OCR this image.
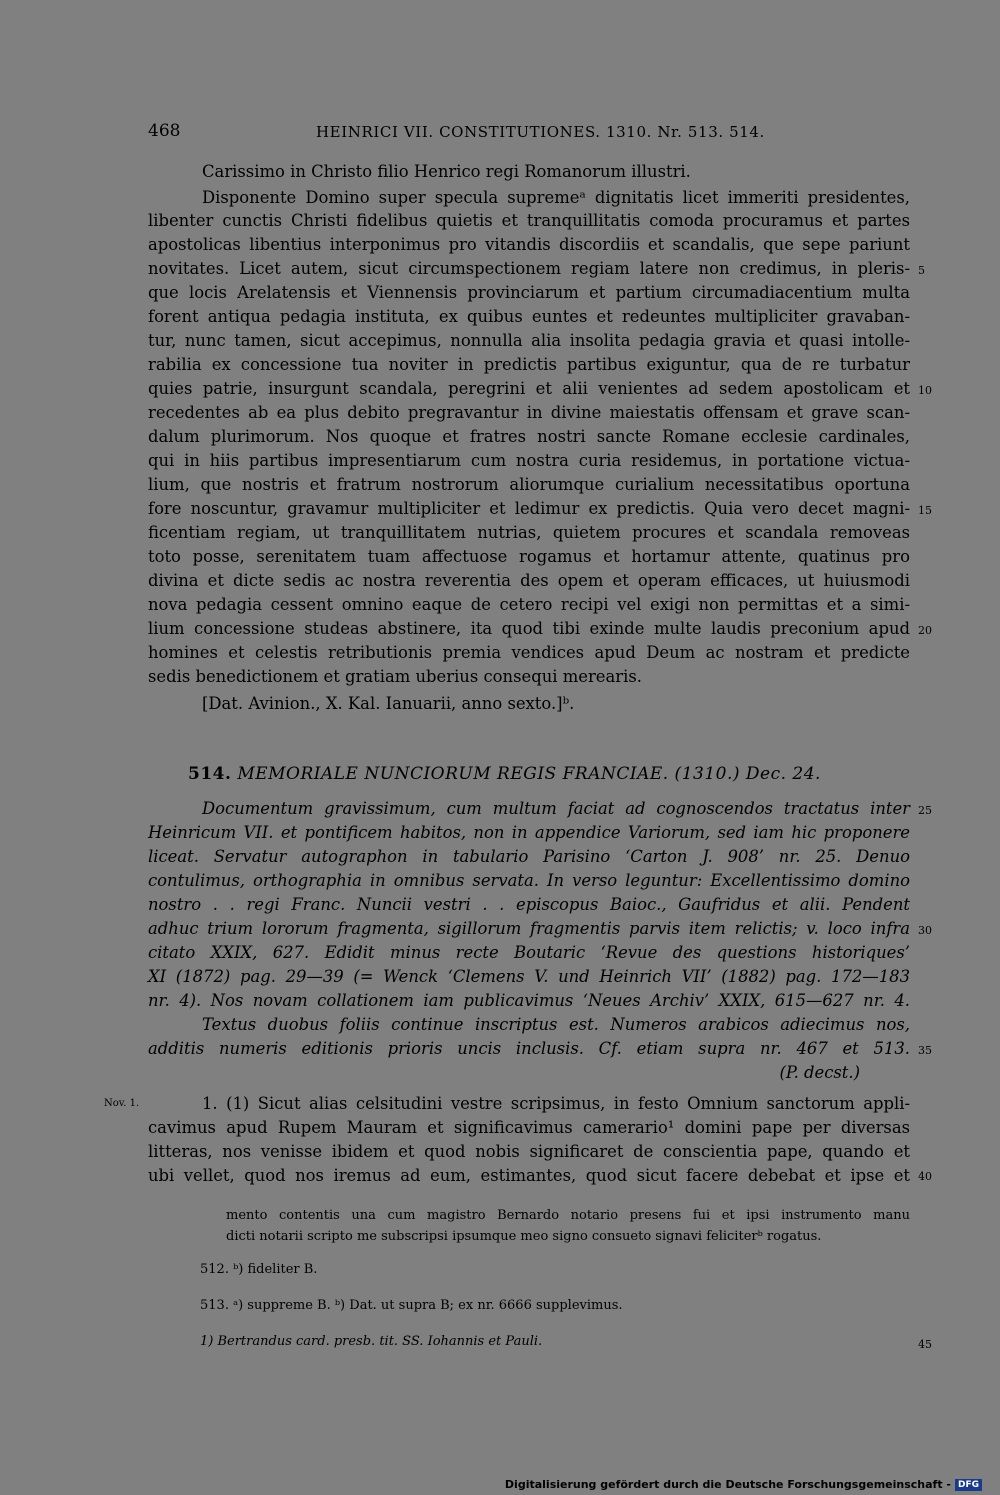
468	HEINRICI VII. CONSTITUTIONES. 1310. Nr. 513. 514.
Carissimo in Christo filio Henrico regi Romanorum illustri.
Disponente Domino super specula supremeᵃ dignitatis licet immeriti presidentes,
libenter cunctis Christi fidelibus quietis et tranquillitatis comoda procuramus et partes
apostolicas libentius interponimus pro vitandis discordiis et scandalis, que sepe pariunt
novitates. Licet autem, sicut circumspectionem regiam latere non credimus, in pleris-
que locis Arelatensis et Viennensis provinciarum et partium circumadiacentium multa
forent antiqua pedagia instituta, ex quibus euntes et redeuntes multipliciter gravaban-
tur, nunc tamen, sicut accepimus, nonnulla alia insolita pedagia gravia et quasi intolle-
rabilia ex concessione tua noviter in predictis partibus exiguntur, qua de re turbatur
quies patrie, insurgunt scandala, peregrini et alii venientes ad sedem apostolicam et
recedentes ab ea plus debito pregravantur in divine maiestatis offensam et grave scan-
dalum plurimorum. Nos quoque et fratres nostri sancte Romane ecclesie cardinales,
qui in hiis partibus impresentiarum cum nostra curia residemus, in portatione victua-
lium, que nostris et fratrum nostrorum aliorumque curialium necessitatibus oportuna
fore noscuntur, gravamur multipliciter et ledimur ex predictis. Quia vero decet magni-
ficentiam regiam, ut tranquillitatem nutrias, quietem procures et scandala removeas
toto posse, serenitatem tuam affectuose rogamus et hortamur attente, quatinus pro
divina et dicte sedis ac nostra reverentia des opem et operam efficaces, ut huiusmodi
nova pedagia cessent omnino eaque de cetero recipi vel exigi non permittas et a simi-
lium concessione studeas abstinere, ita quod tibi exinde multe laudis preconium apud
homines et celestis retributionis premia vendices apud Deum ac nostram et predicte
sedis benedictionem et gratiam uberius consequi merearis.
[Dat. Avinion., X. Kal. Ianuarii, anno sexto.]ᵇ.
514. MEMORIALE NUNCIORUM REGIS FRANCIAE. (1310.) Dec. 24.
Documentum gravissimum, cum multum faciat ad cognoscendos tractatus inter
Heinricum VII. et pontificem habitos, non in appendice Variorum, sed iam hic proponere
liceat. Servatur autographon in tabulario Parisino ‘Carton J. 908’ nr. 25. Denuo
contulimus, orthographia in omnibus servata. In verso leguntur: Excellentissimo domino
nostro . . regi Franc. Nuncii vestri . . episcopus Baioc., Gaufridus et alii. Pendent
adhuc trium lororum fragmenta, sigillorum fragmentis parvis item relictis; v. loco infra
citato XXIX, 627. Edidit minus recte Boutaric ‘Revue des questions historiques’
XI (1872) pag. 29—39 (= Wenck ‘Clemens V. und Heinrich VII’ (1882) pag. 172—183
nr. 4). Nos novam collationem iam publicavimus ‘Neues Archiv’ XXIX, 615—627 nr. 4.
Textus duobus foliis continue inscriptus est. Numeros arabicos adiecimus nos,
additis numeris editionis prioris uncis inclusis. Cf. etiam supra nr. 467 et 513.
(P. decst.)
Nov. 1.	1. (1) Sicut alias celsitudini vestre scripsimus, in festo Omnium sanctorum appli-
cavimus apud Rupem Mauram et significavimus camerario¹ domini pape per diversas
litteras, nos venisse ibidem et quod nobis significaret de conscientia pape, quando et
ubi vellet, quod nos iremus ad eum, estimantes, quod sicut facere debebat et ipse et
mento contentis una cum magistro Bernardo notario presens fui et ipsi instrumento manu
dicti notarii scripto me subscripsi ipsumque meo signo consueto signavi feliciterᵇ rogatus.
512. ᵇ) fideliter B.
513. ᵃ) suppreme B. ᵇ) Dat. ut supra B; ex nr. 6666 supplevimus.
1) Bertrandus card. presb. tit. SS. Iohannis et Pauli.
5
10
15
20
25
30
35
40
45
Digitalisierung gefördert durch die Deutsche Forschungsgemeinschaft - DFG
